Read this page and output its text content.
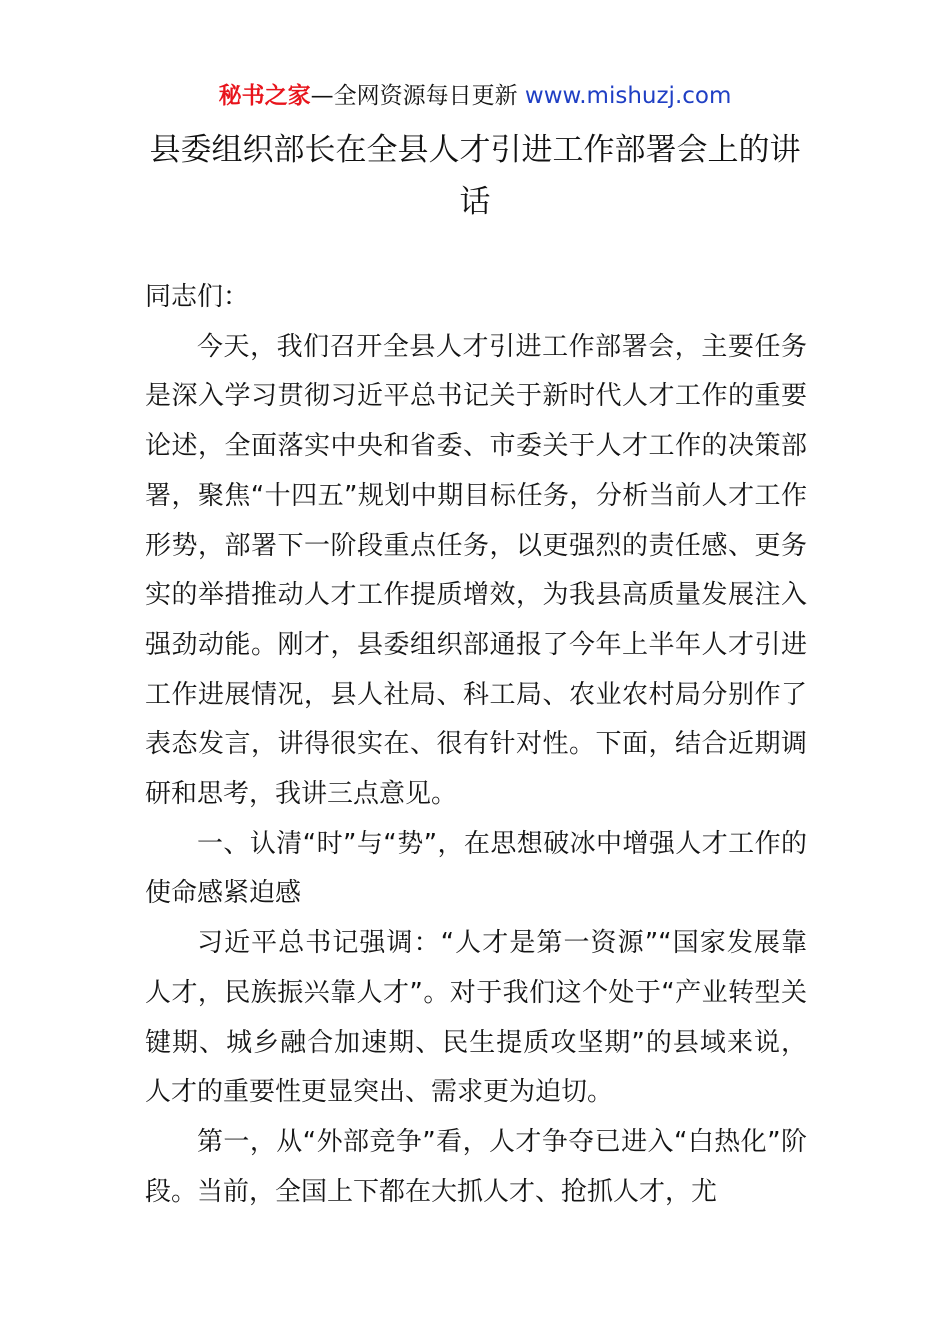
秘书之家—全网资源每日更新 www.mishuzj.com
县委组织部长在全县人才引进工作部署会上的讲话

同志们：

今天，我们召开全县人才引进工作部署会，主要任务是深入学习贯彻习近平总书记关于新时代人才工作的重要论述，全面落实中央和省委、市委关于人才工作的决策部署，聚焦“十四五”规划中期目标任务，分析当前人才工作形势，部署下一阶段重点任务，以更强烈的责任感、更务实的举措推动人才工作提质增效，为我县高质量发展注入强劲动能。刚才，县委组织部通报了今年上半年人才引进工作进展情况，县人社局、科工局、农业农村局分别作了表态发言，讲得很实在、很有针对性。下面，结合近期调研和思考，我讲三点意见。

一、认清“时”与“势”，在思想破冰中增强人才工作的使命感紧迫感

习近平总书记强调：“人才是第一资源”“国家发展靠人才，民族振兴靠人才”。对于我们这个处于“产业转型关键期、城乡融合加速期、民生提质攻坚期”的县域来说，人才的重要性更显突出、需求更为迫切。

第一，从“外部竞争”看，人才争夺已进入“白热化”阶段。当前，全国上下都在大抓人才、抢抓人才，尤
